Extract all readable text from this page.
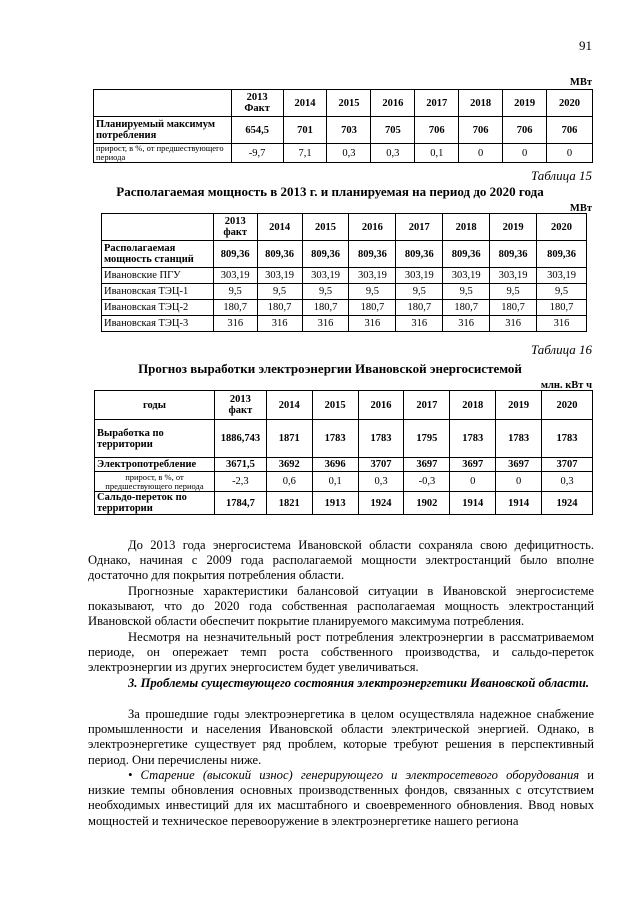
91
МВт
	2013
Факт	2014	2015	2016	2017	2018	2019	2020
Планируемый максимум потребления	654,5	701	703	705	706	706	706	706
прирост, в %, от предшествующего периода	-9,7	7,1	0,3	0,3	0,1	0	0	0
Таблица 15
Располагаемая мощность в 2013 г. и планируемая на период до 2020 года
МВт
	2013
факт	2014	2015	2016	2017	2018	2019	2020
Располагаемая мощность станций	809,36	809,36	809,36	809,36	809,36	809,36	809,36	809,36
Ивановские ПГУ	303,19	303,19	303,19	303,19	303,19	303,19	303,19	303,19
Ивановская ТЭЦ-1	9,5	9,5	9,5	9,5	9,5	9,5	9,5	9,5
Ивановская ТЭЦ-2	180,7	180,7	180,7	180,7	180,7	180,7	180,7	180,7
Ивановская ТЭЦ-3	316	316	316	316	316	316	316	316
Таблица 16
Прогноз выработки электроэнергии Ивановской энергосистемой
млн. кВт ч
годы	2013
факт	2014	2015	2016	2017	2018	2019	2020
Выработка по территории	1886,743	1871	1783	1783	1795	1783	1783	1783
Электропотребление	3671,5	3692	3696	3707	3697	3697	3697	3707
прирост, в %, от предшествующего периода	-2,3	0,6	0,1	0,3	-0,3	0	0	0,3
Сальдо-переток по территории	1784,7	1821	1913	1924	1902	1914	1914	1924
До 2013 года энергосистема Ивановской области сохраняла свою дефицитность. Однако, начиная с 2009 года располагаемой мощности электростанций было вполне достаточно для покрытия потребления области.
Прогнозные характеристики балансовой ситуации в Ивановской энергосистеме показывают, что до 2020 года собственная располагаемая мощность электростанций Ивановской области обеспечит покрытие планируемого максимума потребления.
Несмотря на незначительный рост потребления электроэнергии в рассматриваемом периоде, он опережает темп роста собственного производства, и сальдо-переток электроэнергии из других энергосистем будет увеличиваться.
3. Проблемы существующего состояния электроэнергетики Ивановской области.
За прошедшие годы электроэнергетика в целом осуществляла надежное снабжение промышленности и населения Ивановской области электрической энергией. Однако, в электроэнергетике существует ряд проблем, которые требуют решения в перспективный период. Они перечислены ниже.
• Старение (высокий износ) генерирующего и электросетевого оборудования и низкие темпы обновления основных производственных фондов, связанных с отсутствием необходимых инвестиций для их масштабного и своевременного обновления. Ввод новых мощностей и техническое перевооружение в электроэнергетике нашего региона
